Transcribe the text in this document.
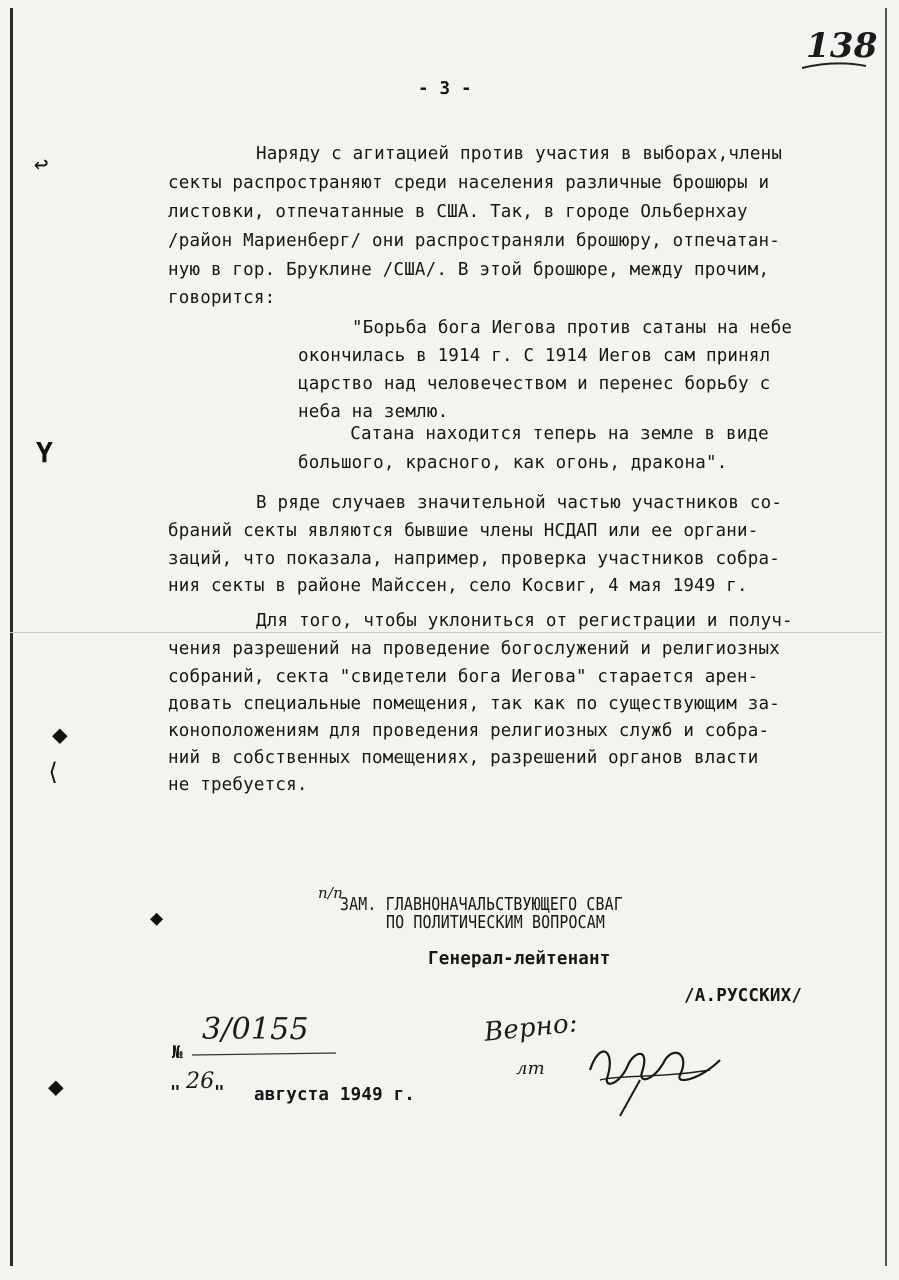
138
- 3 -
Наряду с агитацией против участия в выборах,члены
секты распространяют среди населения различные брошюры и
листовки, отпечатанные в США. Так, в городе Ольбернхау
/район Мариенберг/ они распространяли брошюру, отпечатан-
ную в гор. Бруклине /США/. В этой брошюре, между прочим,
говорится:
"Борьба бога Иегова против сатаны на небе
окончилась в 1914 г. С 1914 Иегов сам принял
царство над человечеством и перенес борьбу с
неба на землю.
Сатана находится теперь на земле в виде
большого, красного, как огонь, дракона".
В ряде случаев значительной частью участников со-
браний секты являются бывшие члены НСДАП или ее органи-
заций, что показала, например, проверка участников собра-
ния секты в районе Майссен, село Косвиг, 4 мая 1949 г.
Для того, чтобы уклониться от регистрации и получ-
чения разрешений на проведение богослужений и религиозных
собраний, секта "свидетели бога Иегова" старается арен-
довать специальные помещения, так как по существующим за-
коноположениям для проведения религиозных служб и собра-
ний в собственных помещениях, разрешений органов власти
не требуется.
п/п
ЗАМ. ГЛАВНОНАЧАЛЬСТВУЮЩЕГО СВАГ
ПО ПОЛИТИЧЕСКИМ ВОПРОСАМ
Генерал-лейтенант
/А.РУССКИХ/
№
3/0155
" 26 " августа 1949 г.
Верно:
лт
↩
Y
◆
⟨
◆
◆
